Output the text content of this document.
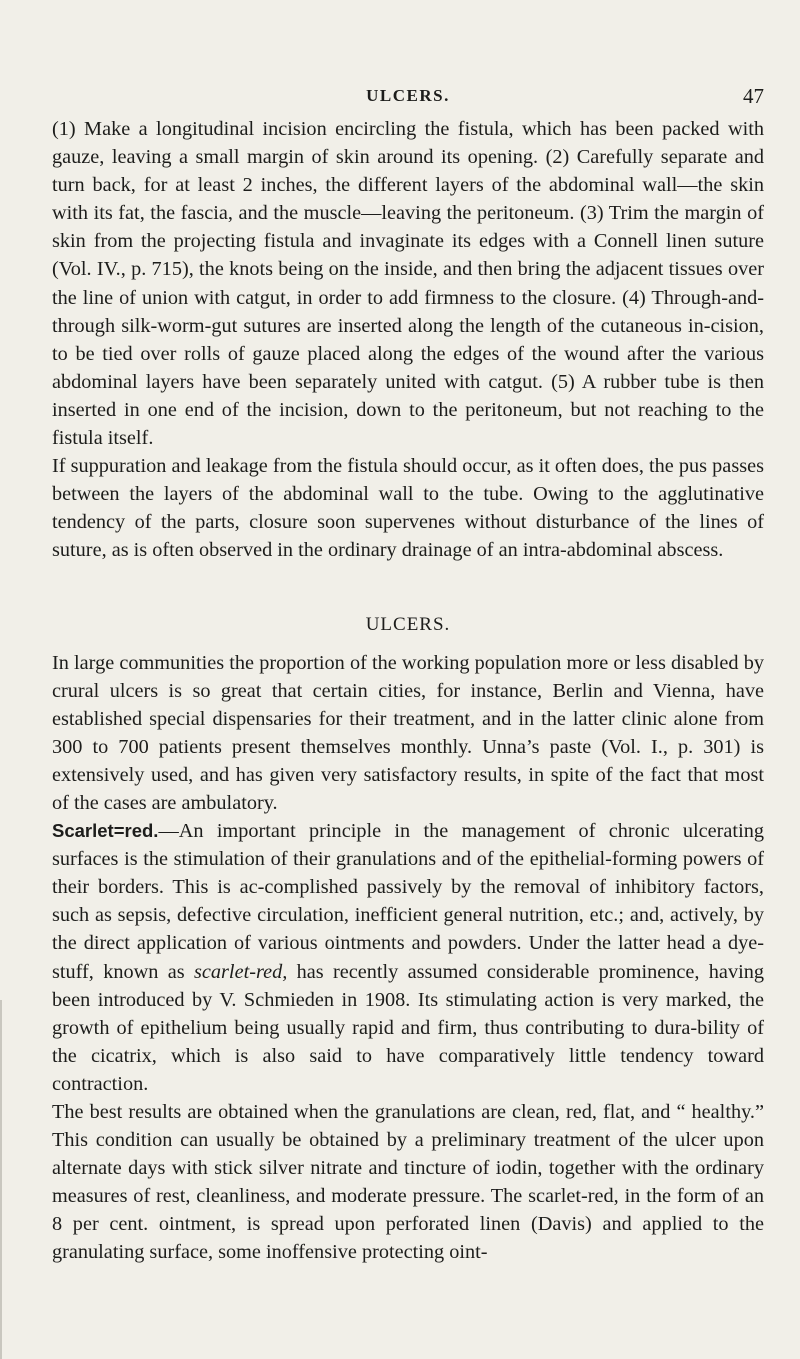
ULCERS.	47

(1) Make a longitudinal incision encircling the fistula, which has been packed with gauze, leaving a small margin of skin around its opening. (2) Carefully separate and turn back, for at least 2 inches, the different layers of the abdominal wall—the skin with its fat, the fascia, and the muscle—leaving the peritoneum. (3) Trim the margin of skin from the projecting fistula and invaginate its edges with a Connell linen suture (Vol. IV., p. 715), the knots being on the inside, and then bring the adjacent tissues over the line of union with catgut, in order to add firmness to the closure. (4) Through-and-through silk-worm-gut sutures are inserted along the length of the cutaneous in-cision, to be tied over rolls of gauze placed along the edges of the wound after the various abdominal layers have been separately united with catgut. (5) A rubber tube is then inserted in one end of the incision, down to the peritoneum, but not reaching to the fistula itself.

If suppuration and leakage from the fistula should occur, as it often does, the pus passes between the layers of the abdominal wall to the tube. Owing to the agglutinative tendency of the parts, closure soon supervenes without disturbance of the lines of suture, as is often observed in the ordinary drainage of an intra-abdominal abscess.

ULCERS.

In large communities the proportion of the working population more or less disabled by crural ulcers is so great that certain cities, for instance, Berlin and Vienna, have established special dispensaries for their treatment, and in the latter clinic alone from 300 to 700 patients present themselves monthly. Unna’s paste (Vol. I., p. 301) is extensively used, and has given very satisfactory results, in spite of the fact that most of the cases are ambulatory.

Scarlet=red.—An important principle in the management of chronic ulcerating surfaces is the stimulation of their granulations and of the epithelial-forming powers of their borders. This is ac-complished passively by the removal of inhibitory factors, such as sepsis, defective circulation, inefficient general nutrition, etc.; and, actively, by the direct application of various ointments and powders. Under the latter head a dye-stuff, known as scarlet-red, has recently assumed considerable prominence, having been introduced by V. Schmieden in 1908. Its stimulating action is very marked, the growth of epithelium being usually rapid and firm, thus contributing to dura-bility of the cicatrix, which is also said to have comparatively little tendency toward contraction.

The best results are obtained when the granulations are clean, red, flat, and “ healthy.” This condition can usually be obtained by a preliminary treatment of the ulcer upon alternate days with stick silver nitrate and tincture of iodin, together with the ordinary measures of rest, cleanliness, and moderate pressure. The scarlet-red, in the form of an 8 per cent. ointment, is spread upon perforated linen (Davis) and applied to the granulating surface, some inoffensive protecting oint-
